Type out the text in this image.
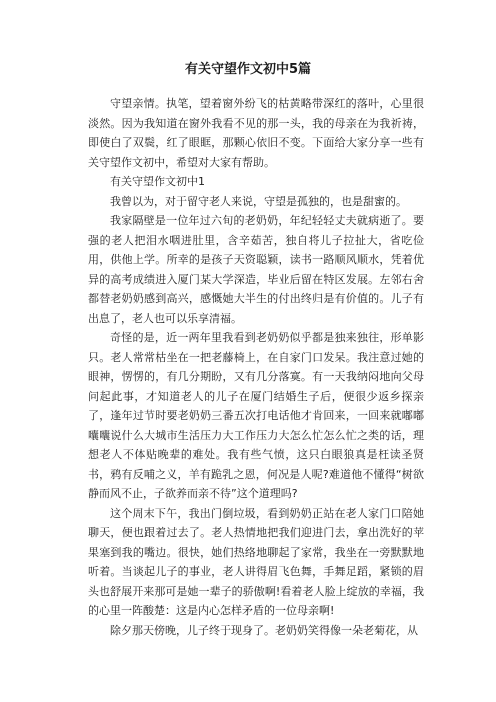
有关守望作文初中5篇

守望亲情。执笔，望着窗外纷飞的枯黄略带深红的落叶，心里很淡然。因为我知道在窗外我看不见的那一头，我的母亲在为我祈祷，即使白了双鬓，红了眼眶，那颗心依旧不变。下面给大家分享一些有关守望作文初中，希望对大家有帮助。

有关守望作文初中1

我曾以为，对于留守老人来说，守望是孤独的，也是甜蜜的。

我家隔壁是一位年过六旬的老奶奶，年纪轻轻丈夫就病逝了。要强的老人把泪水咽进肚里，含辛茹苦，独自将儿子拉扯大，省吃俭用，供他上学。所幸的是孩子天资聪颖，读书一路顺风顺水，凭着优异的高考成绩进入厦门某大学深造，毕业后留在特区发展。左邻右舍都替老奶奶感到高兴，感慨她大半生的付出终归是有价值的。儿子有出息了，老人也可以乐享清福。

奇怪的是，近一两年里我看到老奶奶似乎都是独来独往，形单影只。老人常常枯坐在一把老藤椅上，在自家门口发呆。我注意过她的眼神，愣愣的，有几分期盼，又有几分落寞。有一天我纳闷地向父母问起此事，才知道老人的儿子在厦门结婚生子后，便很少返乡探亲了，逢年过节时要老奶奶三番五次打电话他才肯回来，一回来就嘟嘟囔囔说什么大城市生活压力大工作压力大怎么忙怎么忙之类的话，理想老人不体贴晚辈的难处。我有些气愤，这只白眼狼真是枉读圣贤书，鸦有反哺之义，羊有跪乳之恩，何况是人呢?难道他不懂得“树欲静而风不止，子欲养而亲不待”这个道理吗?

这个周末下午，我出门倒垃圾，看到奶奶正站在老人家门口陪她聊天，便也跟着过去了。老人热情地把我们迎进门去，拿出洗好的苹果塞到我的嘴边。很快，她们热络地聊起了家常，我坐在一旁默默地听着。当谈起儿子的事业，老人讲得眉飞色舞，手舞足蹈，紧锁的眉头也舒展开来那可是她一辈子的骄傲啊!看着老人脸上绽放的幸福，我的心里一阵酸楚：这是内心怎样矛盾的一位母亲啊!

除夕那天傍晚，儿子终于现身了。老奶奶笑得像一朵老菊花，从
